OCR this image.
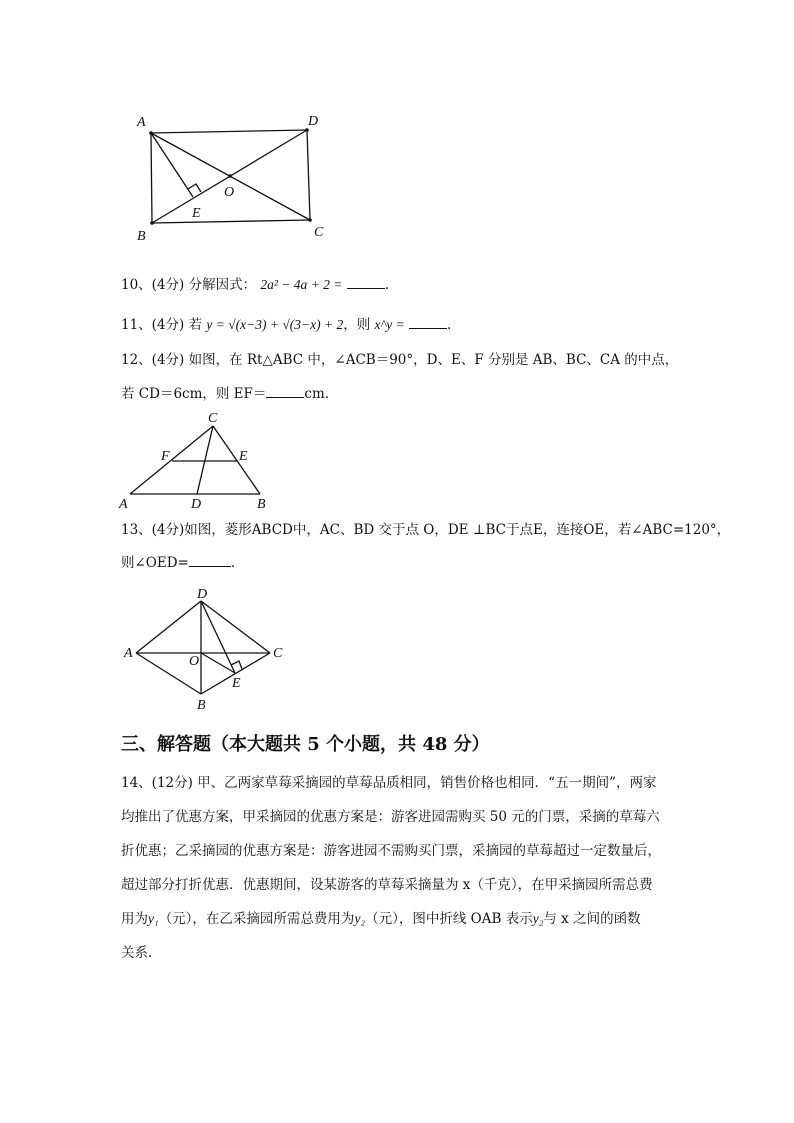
A	D
O
E
B	C
10、(4分) 分解因式： 2a² − 4a + 2 =	.
11、(4分) 若 y = √(x−3) + √(3−x) + 2，则 x^y =	.
12、(4分) 如图，在 Rt△ABC 中，∠ACB＝90°，D、E、F 分别是 AB、BC、CA 的中点，
若 CD＝6cm，则 EF＝	cm.
C
F	E
A	D	B
13、(4分)如图，菱形ABCD中，AC、BD 交于点 O，DE ⊥BC于点E，连接OE，若∠ABC=120°，
则∠OED=	.
D
A
O
C
E
B
三、解答题（本大题共 5 个小题，共 48 分）
14、(12分) 甲、乙两家草莓采摘园的草莓品质相同，销售价格也相同．“五一期间”，两家
均推出了优惠方案，甲采摘园的优惠方案是：游客进园需购买 50 元的门票，采摘的草莓六
折优惠；乙采摘园的优惠方案是：游客进园不需购买门票，采摘园的草莓超过一定数量后，
超过部分打折优惠．优惠期间，设某游客的草莓采摘量为 x（千克），在甲采摘园所需总费
用为y₁（元），在乙采摘园所需总费用为y₂（元），图中折线 OAB 表示y₂与 x 之间的函数
关系．
